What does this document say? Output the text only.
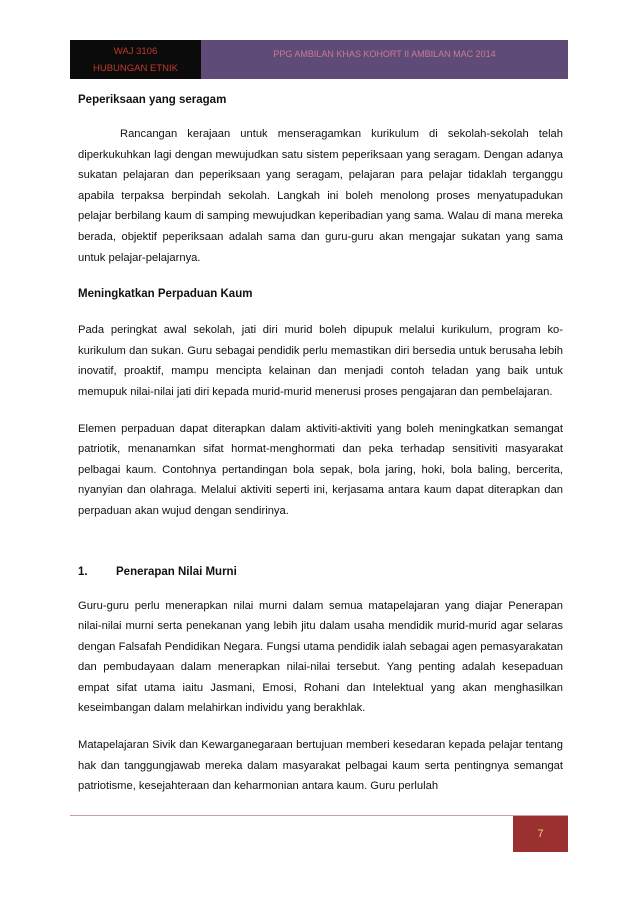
WAJ 3106
HUBUNGAN ETNIK
PPG AMBILAN KHAS KOHORT II AMBILAN MAC 2014
Peperiksaan yang seragam

Rancangan kerajaan untuk menseragamkan kurikulum di sekolah-sekolah telah diperkukuhkan lagi dengan mewujudkan satu sistem peperiksaan yang seragam. Dengan adanya sukatan pelajaran dan peperiksaan yang seragam, pelajaran para pelajar tidaklah terganggu apabila terpaksa berpindah sekolah. Langkah ini boleh menolong proses menyatupadukan pelajar berbilang kaum di samping mewujudkan keperibadian yang sama. Walau di mana mereka berada, objektif peperiksaan adalah sama dan guru-guru akan mengajar sukatan yang sama untuk pelajar-pelajarnya.

Meningkatkan Perpaduan Kaum

Pada peringkat awal sekolah, jati diri murid boleh dipupuk melalui kurikulum, program ko-kurikulum dan sukan. Guru sebagai pendidik perlu memastikan diri bersedia untuk berusaha lebih inovatif, proaktif, mampu mencipta kelainan dan menjadi contoh teladan yang baik untuk memupuk nilai-nilai jati diri kepada murid-murid menerusi proses pengajaran dan pembelajaran.

Elemen perpaduan dapat diterapkan dalam aktiviti-aktiviti yang boleh meningkatkan semangat patriotik, menanamkan sifat hormat-menghormati dan peka terhadap sensitiviti masyarakat pelbagai kaum. Contohnya pertandingan bola sepak, bola jaring, hoki, bola baling, bercerita, nyanyian dan olahraga. Melalui aktiviti seperti ini, kerjasama antara kaum dapat diterapkan dan perpaduan akan wujud dengan sendirinya.

1. Penerapan Nilai Murni

Guru-guru perlu menerapkan nilai murni dalam semua matapelajaran yang diajar Penerapan nilai-nilai murni serta penekanan yang lebih jitu dalam usaha mendidik murid-murid agar selaras dengan Falsafah Pendidikan Negara. Fungsi utama pendidik ialah sebagai agen pemasyarakatan dan pembudayaan dalam menerapkan nilai-nilai tersebut. Yang penting adalah kesepaduan empat sifat utama iaitu Jasmani, Emosi, Rohani dan Intelektual yang akan menghasilkan keseimbangan dalam melahirkan individu yang berakhlak.

Matapelajaran Sivik dan Kewarganegaraan bertujuan memberi kesedaran kepada pelajar tentang hak dan tanggungjawab mereka dalam masyarakat pelbagai kaum serta pentingnya semangat patriotisme, kesejahteraan dan keharmonian antara kaum. Guru perlulah

7
